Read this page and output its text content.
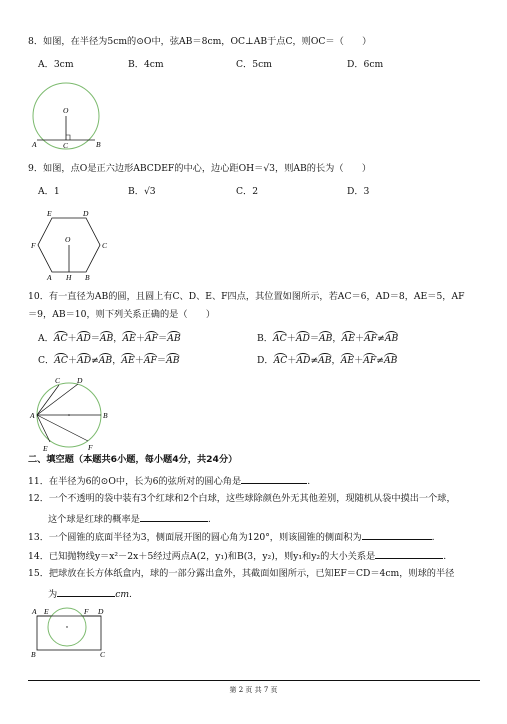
8．如图，在半径为5cm的⊙O中，弦AB＝8cm，OC⊥AB于点C，则OC＝（　　）
A．3cm	B．4cm	C．5cm	D．6cm
O
A	C	B
9．如图，点O是正六边形ABCDEF的中心，边心距OH＝√3，则AB的长为（　　）
A．1	B．√3	C．2	D．3
E	D
F	C
O
A H B
10．有一直径为AB的圆，且圆上有C、D、E、F四点，其位置如图所示，若AC＝6，AD＝8，AE＝5，AF
＝9，AB＝10，则下列关系正确的是（　　）
A．AC＋AD＝AB，AE＋AF＝AB	B．AC＋AD＝AB，AE＋AF≠AB
C．AC＋AD≠AB，AE＋AF＝AB	D．AC＋AD≠AB，AE＋AF≠AB
C D
A	B
E	F
二、填空题（本题共6小题，每小题4分，共24分）
11．在半径为6的⊙O中，长为6的弦所对的圆心角是	.
12．一个不透明的袋中装有3个红球和2个白球，这些球除颜色外无其他差别，现随机从袋中摸出一个球，
这个球是红球的概率是	.
13．一个圆锥的底面半径为3，侧面展开图的圆心角为120°，则该圆锥的侧面积为	.
14．已知抛物线y＝x²－2x＋5经过两点A(2，y₁)和B(3，y₂)，则y₁和y₂的大小关系是	.
15．把球放在长方体纸盒内，球的一部分露出盒外，其截面如图所示，已知EF＝CD＝4cm，则球的半径
为	cm.
A E	F D
B	C
第 2 页 共 7 页
